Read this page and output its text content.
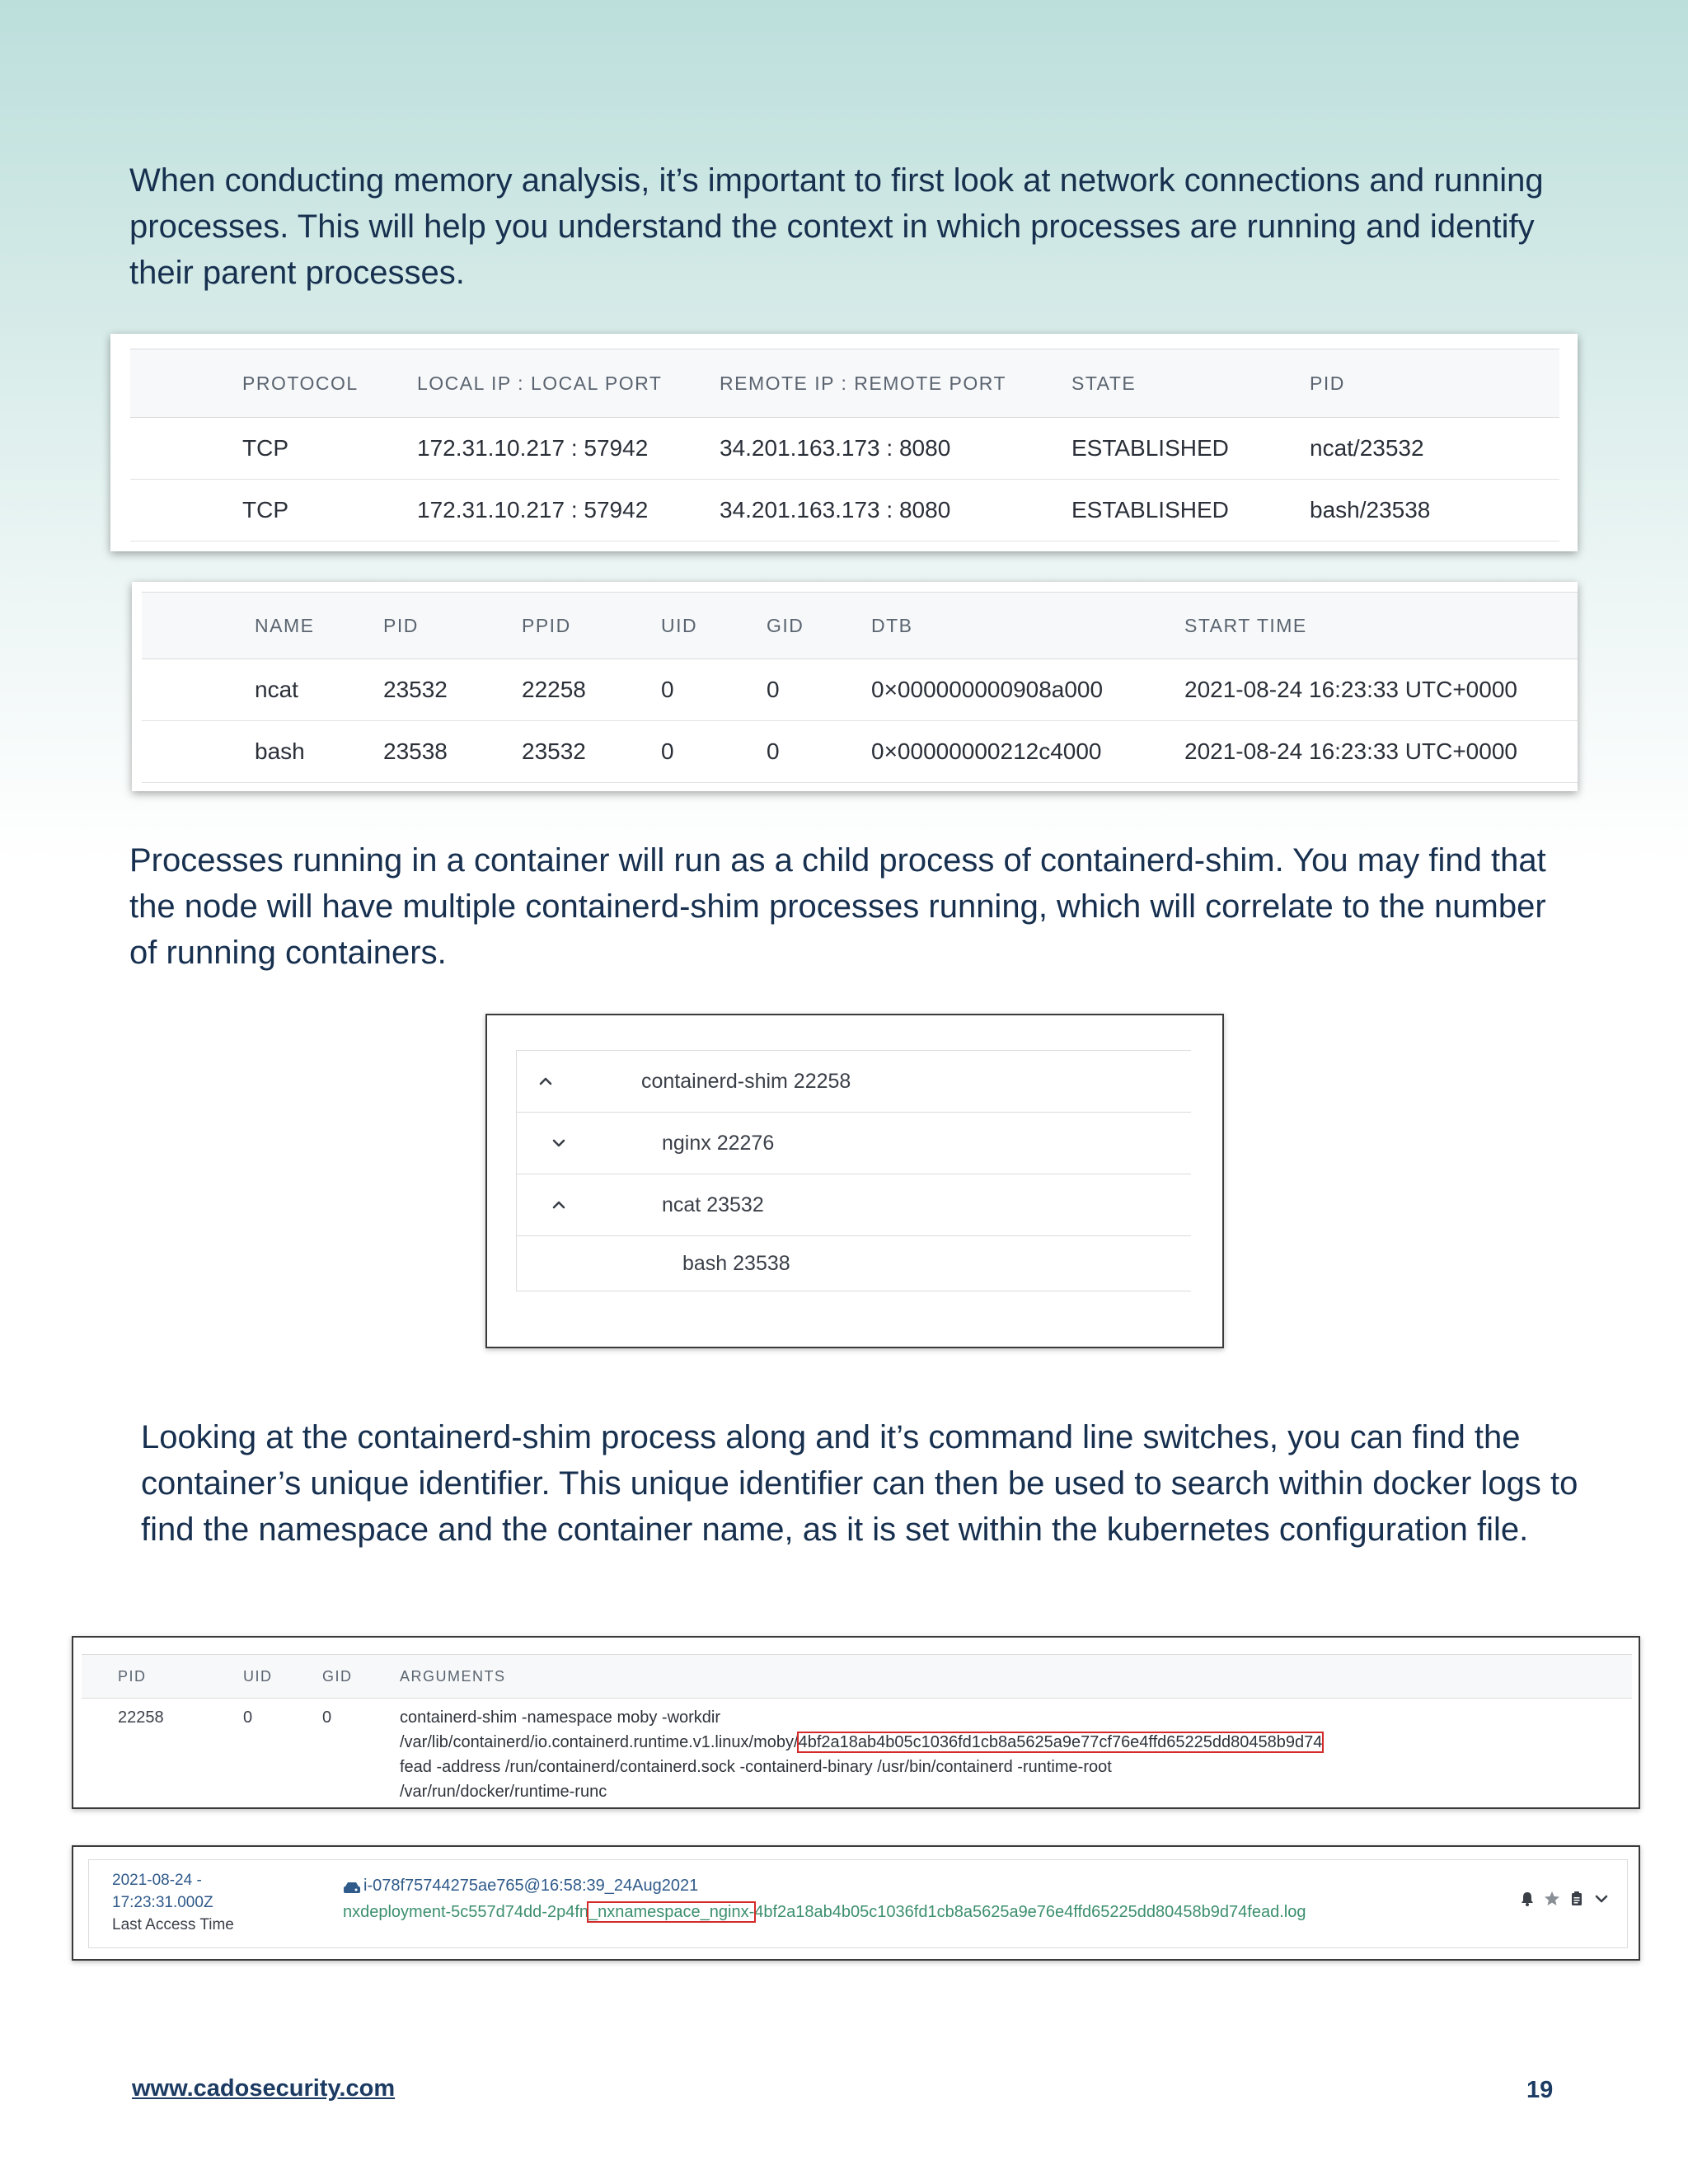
When conducting memory analysis, it’s important to first look at network connections and running processes. This will help you understand the context in which processes are running and identify their parent processes.

	PROTOCOL	LOCAL IP : LOCAL PORT	REMOTE IP : REMOTE PORT	STATE	PID
	TCP	172.31.10.217 : 57942	34.201.163.173 : 8080	ESTABLISHED	ncat/23532
	TCP	172.31.10.217 : 57942	34.201.163.173 : 8080	ESTABLISHED	bash/23538
	NAME	PID	PPID	UID	GID	DTB	START TIME
	ncat	23532	22258	0	0	0×000000000908a000	2021-08-24 16:23:33 UTC+0000
	bash	23538	23532	0	0	0×00000000212c4000	2021-08-24 16:23:33 UTC+0000

Processes running in a container will run as a child process of containerd-shim. You may find that the node will have multiple containerd-shim processes running, which will correlate to the number of running containers.

containerd-shim 22258
nginx 22276
ncat 23532
bash 23538

Looking at the containerd-shim process along and it’s command line switches, you can find the container’s unique identifier. This unique identifier can then be used to search within docker logs to find the namespace and the container name, as it is set within the kubernetes configuration file.

PID	UID	GID	ARGUMENTS
22258	0	0	containerd-shim -namespace moby -workdir
/var/lib/containerd/io.containerd.runtime.v1.linux/moby/4bf2a18ab4b05c1036fd1cb8a5625a9e77cf76e4ffd65225dd80458b9d74
fead -address /run/containerd/containerd.sock -containerd-binary /usr/bin/containerd -runtime-root
/var/run/docker/runtime-runc
2021-08-24 -
17:23:31.000Z
Last Access Time
i-078f75744275ae765@16:58:39_24Aug2021
nxdeployment-5c557d74dd-2p4fn_nxnamespace_nginx-4bf2a18ab4b05c1036fd1cb8a5625a9e76e4ffd65225dd80458b9d74fead.log
www.cadosecurity.com	19
